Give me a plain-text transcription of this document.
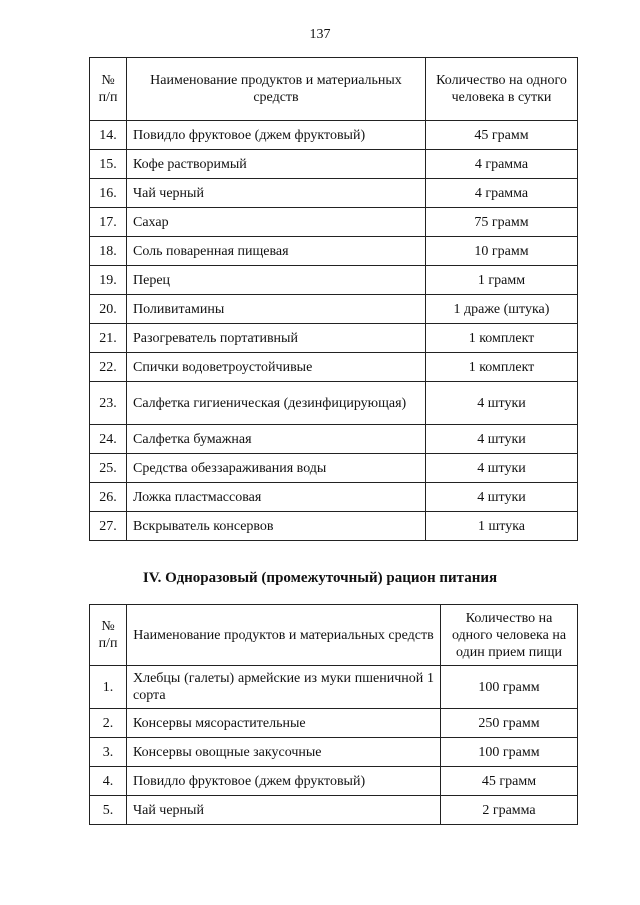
137
№ п/п	Наименование продуктов и материальных средств	Количество на одного человека в сутки
14.	Повидло фруктовое (джем фруктовый)	45 грамм
15.	Кофе растворимый	4 грамма
16.	Чай черный	4 грамма
17.	Сахар	75 грамм
18.	Соль поваренная пищевая	10 грамм
19.	Перец	1 грамм
20.	Поливитамины	1 драже (штука)
21.	Разогреватель портативный	1 комплект
22.	Спички водоветроустойчивые	1 комплект
23.	Салфетка гигиеническая (дезинфицирующая)	4 штуки
24.	Салфетка бумажная	4 штуки
25.	Средства обеззараживания воды	4 штуки
26.	Ложка пластмассовая	4 штуки
27.	Вскрыватель консервов	1 штука
IV. Одноразовый (промежуточный) рацион питания
№ п/п	Наименование продуктов и материальных средств	Количество на одного человека на один прием пищи
1.	Хлебцы (галеты) армейские из муки пшеничной 1 сорта	100 грамм
2.	Консервы мясорастительные	250 грамм
3.	Консервы овощные закусочные	100 грамм
4.	Повидло фруктовое (джем фруктовый)	45 грамм
5.	Чай черный	2 грамма
